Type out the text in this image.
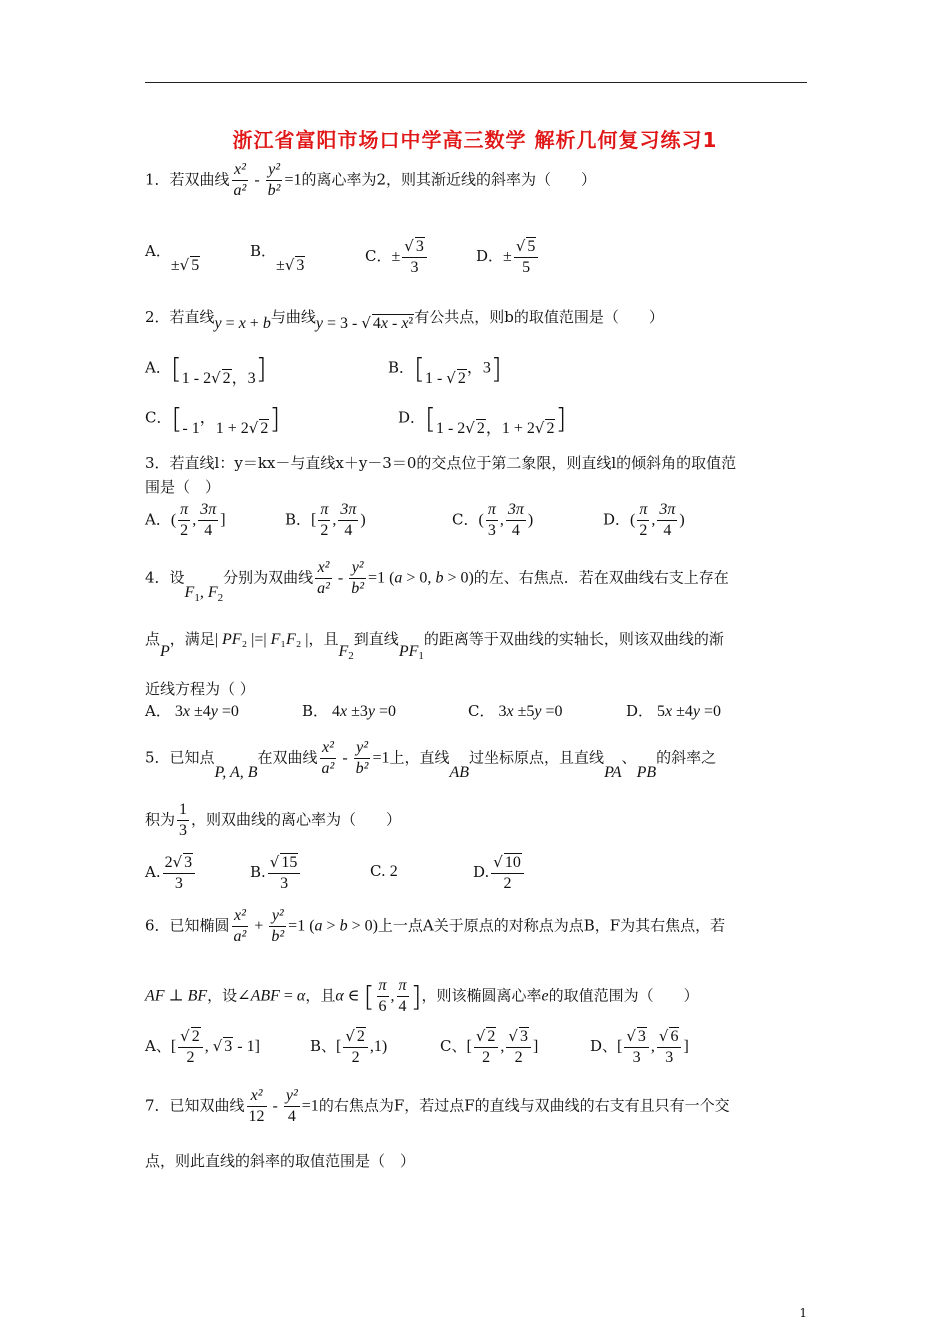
浙江省富阳市场口中学高三数学 解析几何复习练习1
1．若双曲线 $\frac{\text{x²}}{\text{a²}} - \frac{\text{y²}}{\text{b²}} =1$的离心率为2，则其渐近线的斜率为（　　）
A．±√ 5
B．±√ 3
C．± $\frac{√ 3}{3}$	D．± $\frac{√ 5}{5}$
2．若直线y = x + b与曲线y = 3 - √ 4x - x²有公共点，则b的取值范围是（　　）
A．[1 - 2√ 2，3]	B．[1 - √ 2，3]
C．[- 1，1 + 2√ 2]	D．[1 - 2√ 2，1 + 2√ 2]
3．若直线l：y＝kx－与直线x＋y－3＝0的交点位于第二象限，则直线l的倾斜角的取值范
围是（　）
A．( $\frac{\pi}{2}$ , $\frac{3\pi}{4}$ ]	B．[ $\frac{\pi}{2}$ , $\frac{3\pi}{4}$ )	C．( $\frac{\pi}{3}$ , $\frac{3\pi}{4}$ )	D．( $\frac{\pi}{2}$ , $\frac{3\pi}{4}$ )
4．设$F_1$, $F_2$分别为双曲线 $\frac{\text{x²}}{\text{a²}} - \frac{\text{y²}}{\text{b²}} =1$ (a > 0, b > 0)的左、右焦点．若在双曲线右支上存在
点P，满足| PF₂ |=| F₁F₂ |，且$F_2$到直线$PF_1$的距离等于双曲线的实轴长，则该双曲线的渐
近线方程为（ ）
A． 3x ±4y =0	B． 4x ±3y =0	C． 3x ±5y =0	D． 5x ±4y =0
5．已知点P, A, B在双曲线 $\frac{\text{x²}}{\text{a²}} - \frac{\text{y²}}{\text{b²}} =1$上，直线AB过坐标原点，且直线PA、PB的斜率之
积为 $\frac{1}{3}$ ，则双曲线的离心率为（　　）
A. $\frac{2√ 3}{3}$	B. $\frac{√ 15}{3}$	C. 2	D. $\frac{√ 10}{2}$
6．已知椭圆 $\frac{\text{x²}}{\text{a²}} + \frac{\text{y²}}{\text{b²}} =1$ (a > b > 0)上一点A关于原点的对称点为点B，F为其右焦点，若
AF ⊥ BF，设∠ABF = α，且α ∈ [ $\frac{\pi}{6}$ , $\frac{\pi}{4}$ ]，则该椭圆离心率e的取值范围为（　　）
A、[ $\frac{√ 2}{2}$ , √ 3 - 1]	B、[ $\frac{√ 2}{2} ,1$)	C、[ $\frac{√ 2}{2}$ , $\frac{√ 3}{2}$ ]	D、[ $\frac{√ 3}{3}$ , $\frac{√ 6}{3}$ ]
7．已知双曲线 $\frac{\text{x²}}{12} - \frac{\text{y²}}{4} =1$的右焦点为F，若过点F的直线与双曲线的右支有且只有一个交
点，则此直线的斜率的取值范围是（　）
1
